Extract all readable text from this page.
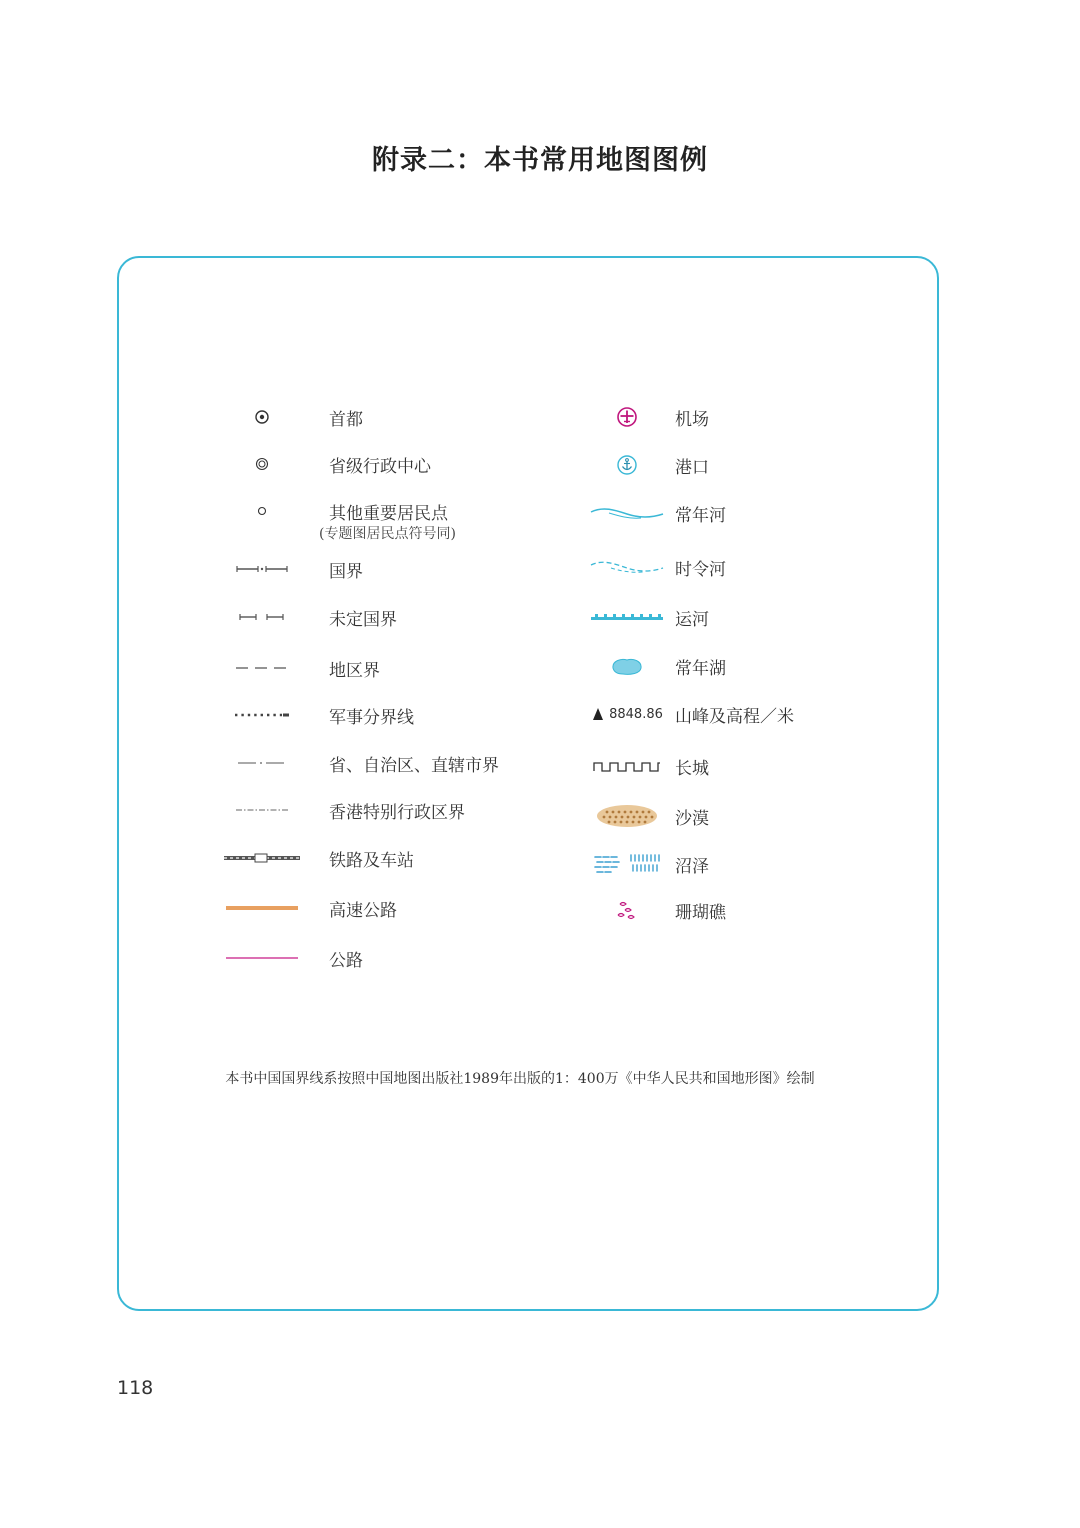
附录二：本书常用地图图例
首都
省级行政中心
其他重要居民点
(专题图居民点符号同)
国界
未定国界
地区界
军事分界线
省、自治区、直辖市界
香港特别行政区界
铁路及车站
高速公路
公路
机场
港口
常年河
时令河
运河
常年湖
8848.86 山峰及高程／米
长城
沙漠
沼泽
珊瑚礁
本书中国国界线系按照中国地图出版社1989年出版的1：400万《中华人民共和国地形图》绘制
118
